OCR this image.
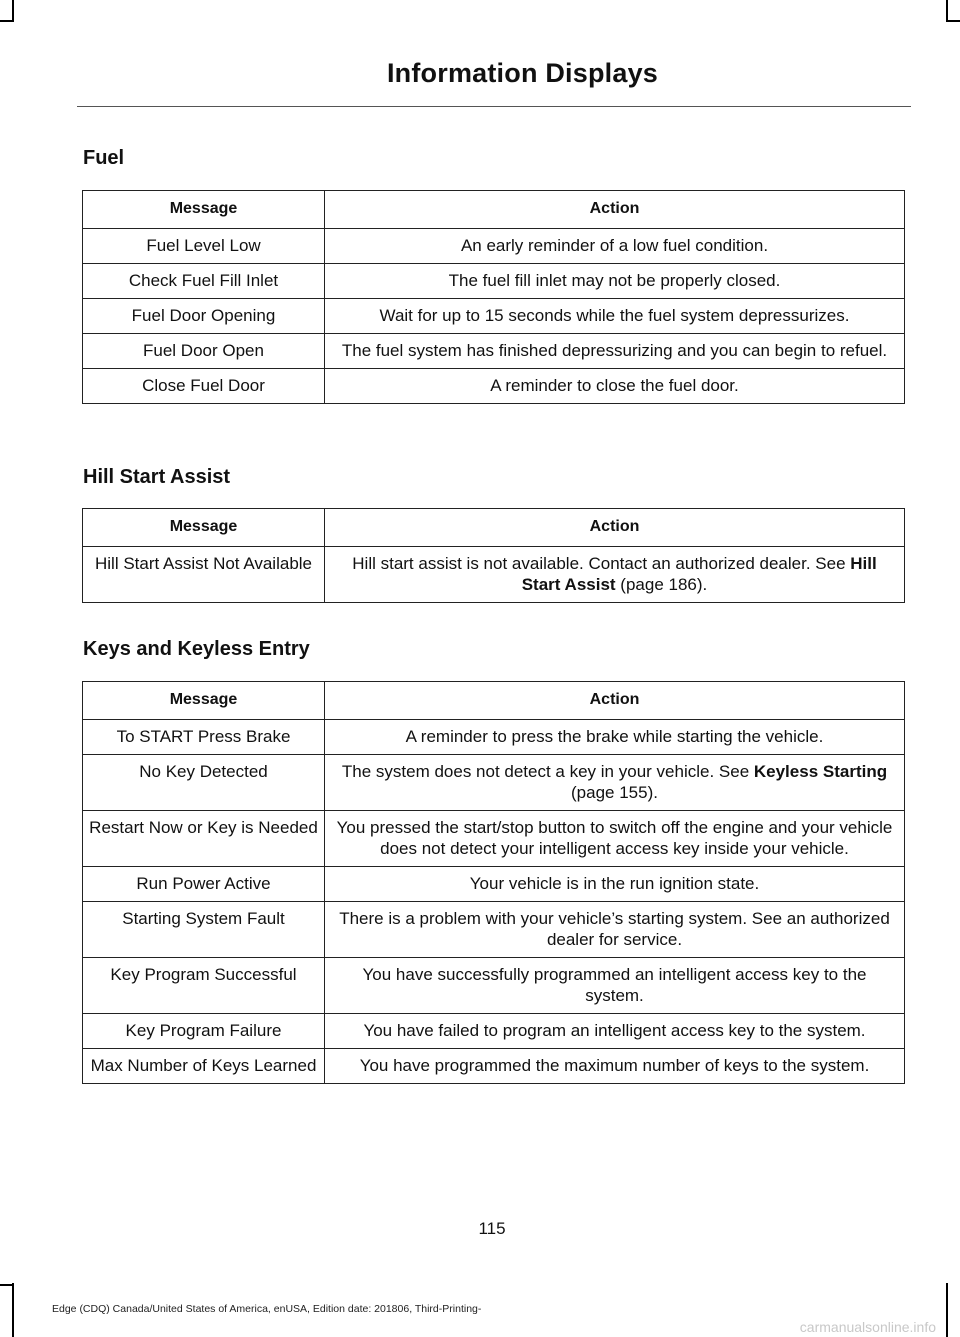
Information Displays
Fuel
Message	Action
Fuel Level Low	An early reminder of a low fuel condition.
Check Fuel Fill Inlet	The fuel fill inlet may not be properly closed.
Fuel Door Opening	Wait for up to 15 seconds while the fuel system depressurizes.
Fuel Door Open	The fuel system has finished depressurizing and you can begin to refuel.
Close Fuel Door	A reminder to close the fuel door.
Hill Start Assist
Message	Action
Hill Start Assist Not Available	Hill start assist is not available. Contact an authorized dealer. See Hill Start Assist (page 186).
Keys and Keyless Entry
Message	Action
To START Press Brake	A reminder to press the brake while starting the vehicle.
No Key Detected	The system does not detect a key in your vehicle. See Keyless Starting (page 155).
Restart Now or Key is Needed	You pressed the start/stop button to switch off the engine and your vehicle does not detect your intelligent access key inside your vehicle.
Run Power Active	Your vehicle is in the run ignition state.
Starting System Fault	There is a problem with your vehicle’s starting system. See an authorized dealer for service.
Key Program Successful	You have successfully programmed an intelligent access key to the system.
Key Program Failure	You have failed to program an intelligent access key to the system.
Max Number of Keys Learned	You have programmed the maximum number of keys to the system.
115
Edge (CDQ) Canada/United States of America, enUSA, Edition date: 201806, Third-Printing-
carmanualsonline.info
